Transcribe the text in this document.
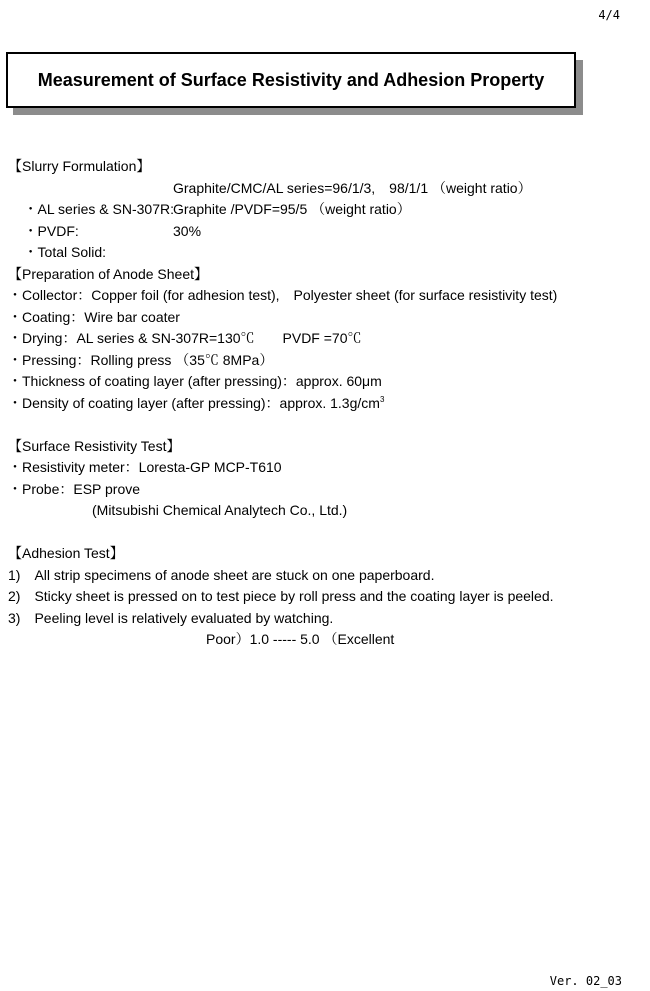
4/4
Measurement of Surface Resistivity and Adhesion Property
【Slurry Formulation】

・AL series & SN-307R:

Graphite/CMC/AL series=96/1/3,　98/1/1 （weight ratio）

・PVDF:

Graphite /PVDF=95/5 （weight ratio）

・Total Solid:

30%

【Preparation of Anode Sheet】
・Collector：Copper foil (for adhesion test),　Polyester sheet (for surface resistivity test)
・Coating：Wire bar coater
・Drying：AL series & SN-307R=130℃　　PVDF =70℃
・Pressing：Rolling press （35℃ 8MPa）
・Thickness of coating layer (after pressing)：approx. 60μm
・Density of coating layer (after pressing)：approx. $1.3g/cm^3$
【Surface Resistivity Test】
・Resistivity meter：Loresta-GP MCP-T610
・Probe：ESP prove
(Mitsubishi Chemical Analytech Co., Ltd.)
【Adhesion Test】
1)　All strip specimens of anode sheet are stuck on one paperboard.
2)　Sticky sheet is pressed on to test piece by roll press and the coating layer is peeled.
3)　Peeling level is relatively evaluated by watching.
Poor）1.0 ----- 5.0 （Excellent
Ver. 02_03
